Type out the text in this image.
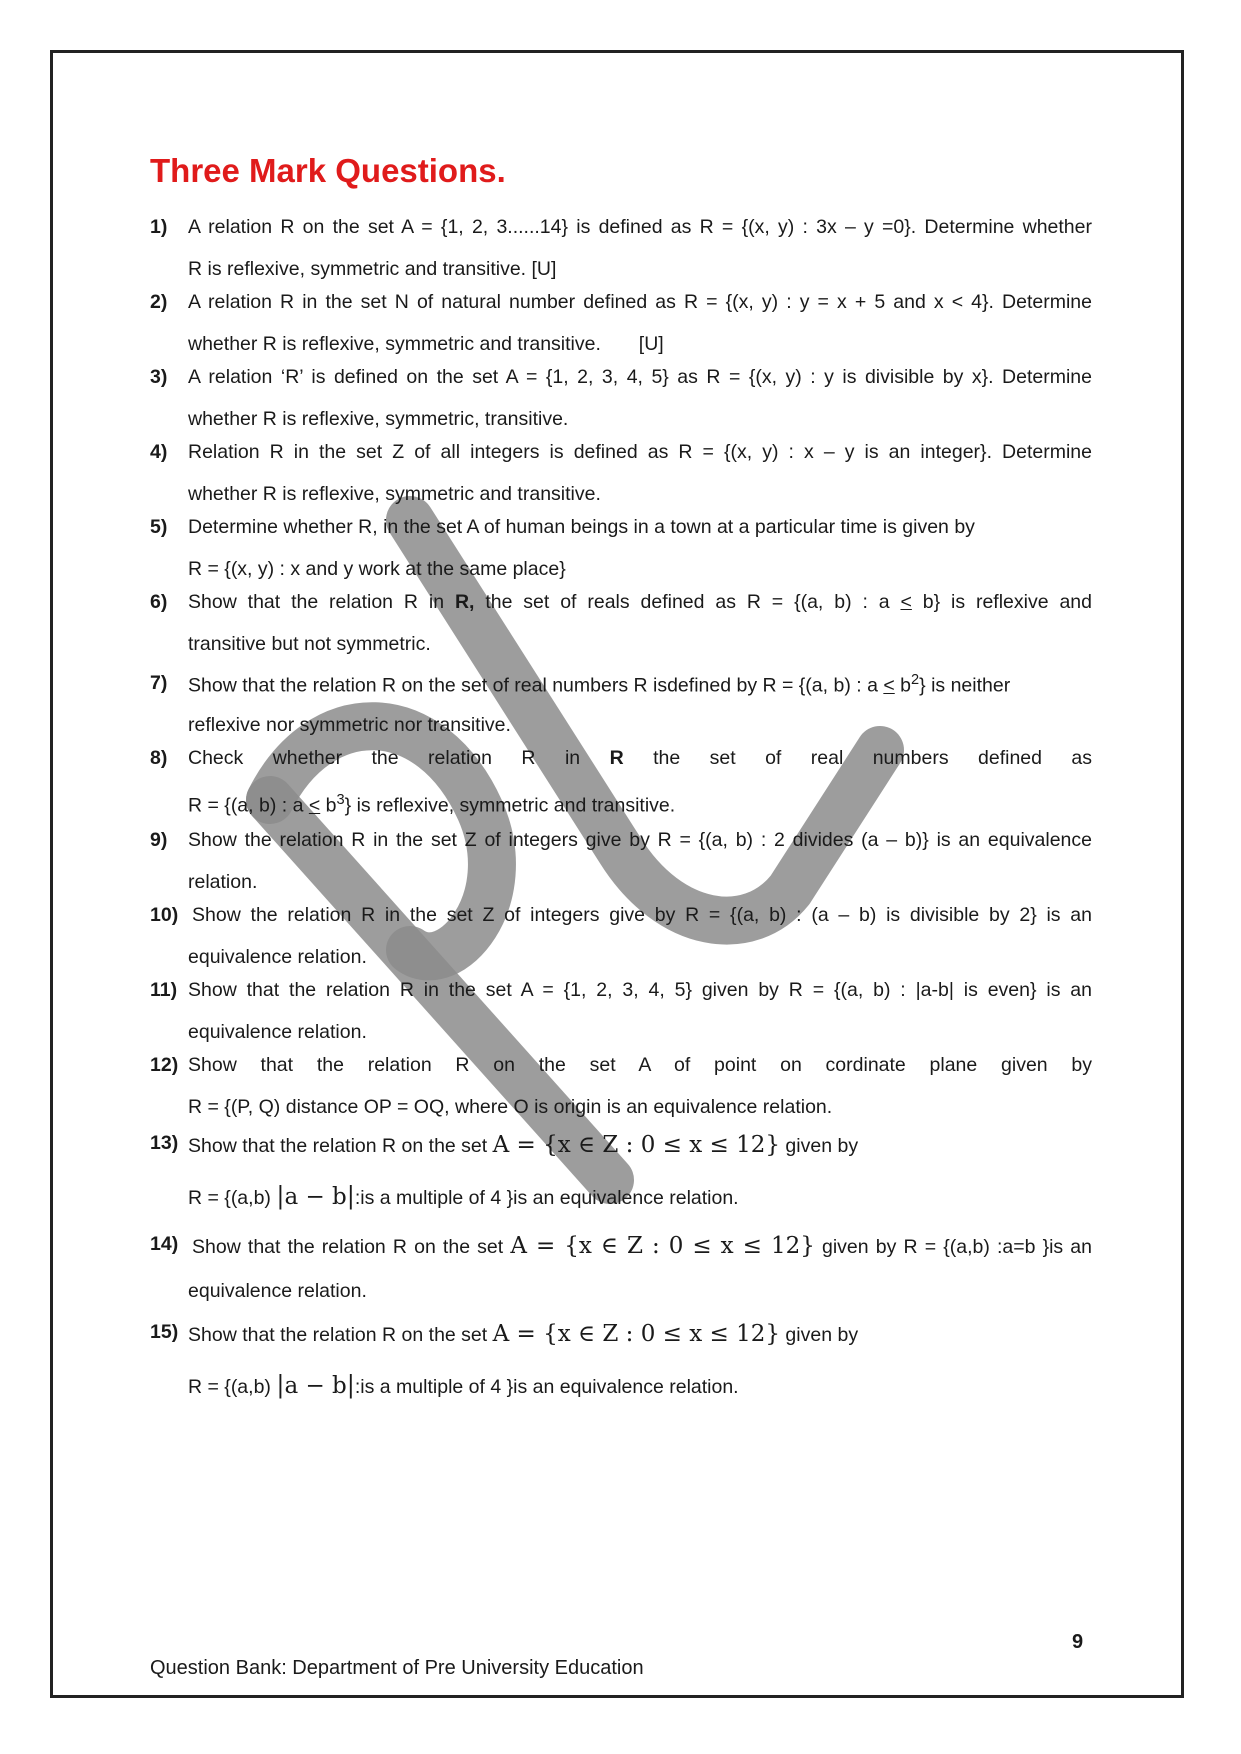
Three Mark Questions.
1) A relation R on the set A = {1, 2, 3......14} is defined as R = {(x, y) : 3x – y =0}. Determine whether
R is reflexive, symmetric and transitive. [U]
2) A relation R in the set N of natural number defined as R = {(x, y) : y = x + 5 and x < 4}. Determine
whether R is reflexive, symmetric and transitive.       [U]
3) A relation ‘R’ is defined on the set A = {1, 2, 3, 4, 5} as R = {(x, y) : y is divisible by x}. Determine
whether R is reflexive, symmetric, transitive.
4) Relation R in the set Z of all integers is defined as R = {(x, y) : x – y is an integer}. Determine
whether R is reflexive, symmetric and transitive.
5) Determine whether R, in the set A of human beings in a town at a particular time is given by
R = {(x, y) : x and y work at the same place}
6) Show that the relation R in R, the set of reals defined as R = {(a, b) : a ≤ b} is reflexive and
transitive but not symmetric.
7) Show that the relation R on the set of real numbers R isdefined by R = {(a, b) : $a \le b^2$} is neither
reflexive nor symmetric nor transitive.
8) Check whether the relation R in R the set of real numbers defined as
R = {(a, b) : $a \le b^3$} is reflexive, symmetric and transitive.
9) Show the relation R in the set Z of integers give by R = {(a, b) : 2 divides (a – b)} is an equivalence
relation.
10) Show the relation R in the set Z of integers give by R = {(a, b) : (a – b) is divisible by 2} is an
equivalence relation.
11) Show that the relation R in the set A = {1, 2, 3, 4, 5} given by R = {(a, b) : |a-b| is even} is an
equivalence relation.
12) Show that the relation R on the set A of point on cordinate plane given by
R = {(P, Q) distance OP = OQ, where O is origin is an equivalence relation.
13) Show that the relation R on the set A = {x ∈ Z : 0 ≤ x ≤ 12} given by
R = {(a,b) |a − b|:is a multiple of 4 }is an equivalence relation.
14) Show that the relation R on the set A = {x ∈ Z : 0 ≤ x ≤ 12} given by R = {(a,b) :a=b }is an
equivalence relation.
15) Show that the relation R on the set A = {x ∈ Z : 0 ≤ x ≤ 12} given by
R = {(a,b) |a − b|:is a multiple of 4 }is an equivalence relation.
9
Question Bank: Department of Pre University Education
